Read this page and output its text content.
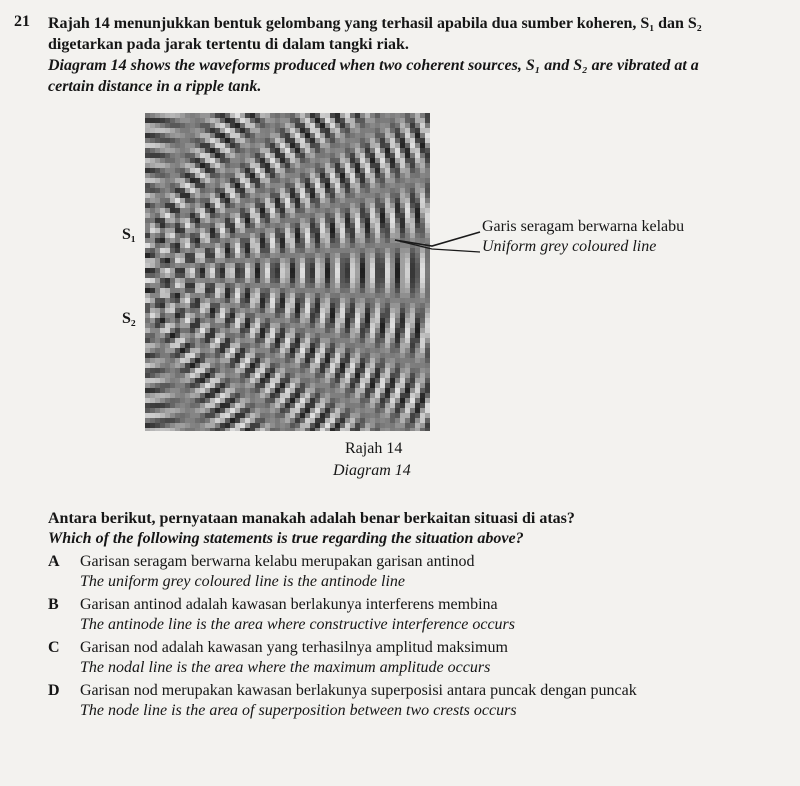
21 Rajah 14 menunjukkan bentuk gelombang yang terhasil apabila dua sumber koheren, S₁ dan S₂ digetarkan pada jarak tertentu di dalam tangki riak.
Diagram 14 shows the waveforms produced when two coherent sources, S₁ and S₂ are vibrated at a certain distance in a ripple tank.
S₁
S₂
Garis seragam berwarna kelabu
Uniform grey coloured line
Rajah 14
Diagram 14
Antara berikut, pernyataan manakah adalah benar berkaitan situasi di atas?
Which of the following statements is true regarding the situation above?
A	Garisan seragam berwarna kelabu merupakan garisan antinod
The uniform grey coloured line is the antinode line
B	Garisan antinod adalah kawasan berlakunya interferens membina
The antinode line is the area where constructive interference occurs
C	Garisan nod adalah kawasan yang terhasilnya amplitud maksimum
The nodal line is the area where the maximum amplitude occurs
D	Garisan nod merupakan kawasan berlakunya superposisi antara puncak dengan puncak
The node line is the area of superposition between two crests occurs
